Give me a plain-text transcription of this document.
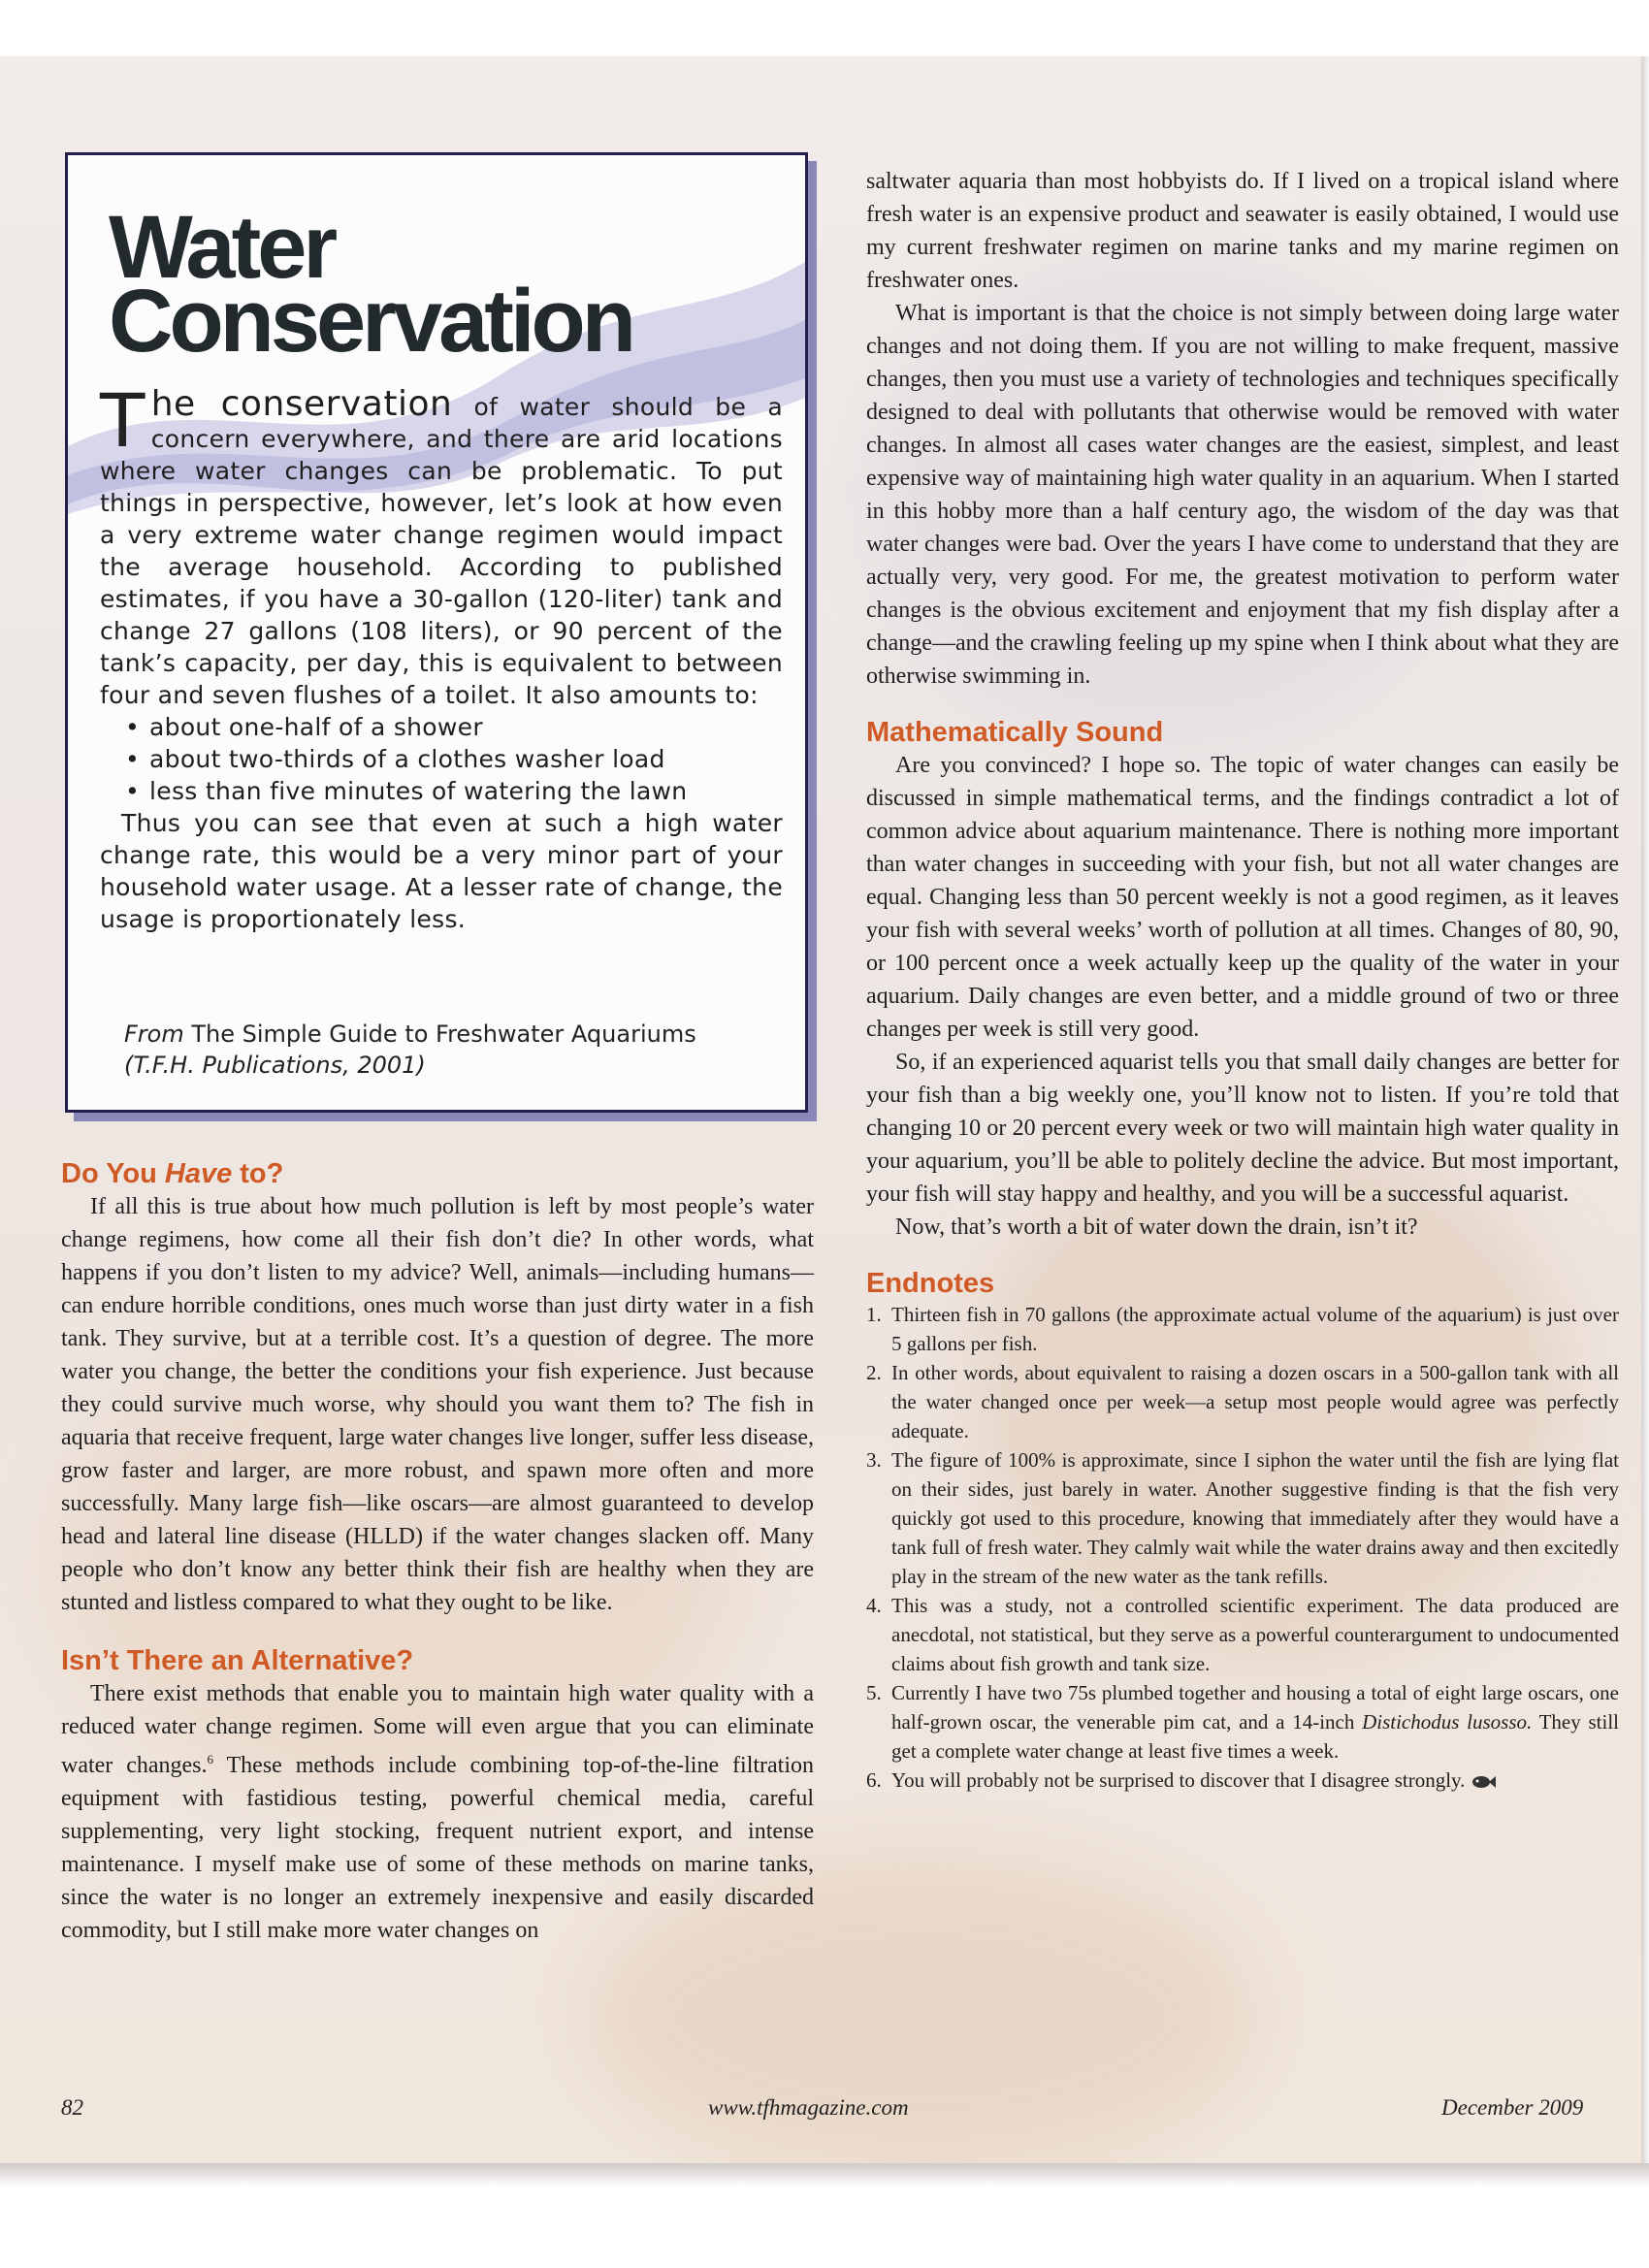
Water
Conservation
The conservation of water should be a concern everywhere, and there are arid locations where water changes can be problematic. To put things in perspective, however, let’s look at how even a very extreme water change regimen would impact the average household. According to published estimates, if you have a 30-gallon (120-liter) tank and change 27 gallons (108 liters), or 90 percent of the tank’s capacity, per day, this is equivalent to between four and seven flushes of a toilet. It also amounts to:
• about one-half of a shower
• about two-thirds of a clothes washer load
• less than five minutes of watering the lawn
Thus you can see that even at such a high water change rate, this would be a very minor part of your household water usage. At a lesser rate of change, the usage is proportionately less.
From The Simple Guide to Freshwater Aquariums
(T.F.H. Publications, 2001)
Do You Have to?

If all this is true about how much pollution is left by most people’s water change regimens, how come all their fish don’t die? In other words, what happens if you don’t listen to my advice? Well, animals—including humans—can endure horrible conditions, ones much worse than just dirty water in a fish tank. They survive, but at a terrible cost. It’s a question of degree. The more water you change, the better the conditions your fish experience. Just because they could survive much worse, why should you want them to? The fish in aquaria that receive frequent, large water changes live longer, suffer less disease, grow faster and larger, are more robust, and spawn more often and more successfully. Many large fish—like oscars—are almost guaranteed to develop head and lateral line disease (HLLD) if the water changes slacken off. Many people who don’t know any better think their fish are healthy when they are stunted and listless compared to what they ought to be like.

Isn’t There an Alternative?

There exist methods that enable you to maintain high water quality with a reduced water change regimen. Some will even argue that you can eliminate water changes.$^6$ These methods include combining top-of-the-line filtration equipment with fastidious testing, powerful chemical media, careful supplementing, very light stocking, frequent nutrient export, and intense maintenance. I myself make use of some of these methods on marine tanks, since the water is no longer an extremely inexpensive and easily discarded commodity, but I still make more water changes on

saltwater aquaria than most hobbyists do. If I lived on a tropical island where fresh water is an expensive product and seawater is easily obtained, I would use my current freshwater regimen on marine tanks and my marine regimen on freshwater ones.

What is important is that the choice is not simply between doing large water changes and not doing them. If you are not willing to make frequent, massive changes, then you must use a variety of technologies and techniques specifically designed to deal with pollutants that otherwise would be removed with water changes. In almost all cases water changes are the easiest, simplest, and least expensive way of maintaining high water quality in an aquarium. When I started in this hobby more than a half century ago, the wisdom of the day was that water changes were bad. Over the years I have come to understand that they are actually very, very good. For me, the greatest motivation to perform water changes is the obvious excitement and enjoyment that my fish display after a change—and the crawling feeling up my spine when I think about what they are otherwise swimming in.

Mathematically Sound

Are you convinced? I hope so. The topic of water changes can easily be discussed in simple mathematical terms, and the findings contradict a lot of common advice about aquarium maintenance. There is nothing more important than water changes in succeeding with your fish, but not all water changes are equal. Changing less than 50 percent weekly is not a good regimen, as it leaves your fish with several weeks’ worth of pollution at all times. Changes of 80, 90, or 100 percent once a week actually keep up the quality of the water in your aquarium. Daily changes are even better, and a middle ground of two or three changes per week is still very good.

So, if an experienced aquarist tells you that small daily changes are better for your fish than a big weekly one, you’ll know not to listen. If you’re told that changing 10 or 20 percent every week or two will maintain high water quality in your aquarium, you’ll be able to politely decline the advice. But most important, your fish will stay happy and healthy, and you will be a successful aquarist.

Now, that’s worth a bit of water down the drain, isn’t it?

Endnotes
1. Thirteen fish in 70 gallons (the approximate actual volume of the aquarium) is just over 5 gallons per fish.
2. In other words, about equivalent to raising a dozen oscars in a 500-gallon tank with all the water changed once per week—a setup most people would agree was perfectly adequate.
3. The figure of 100% is approximate, since I siphon the water until the fish are lying flat on their sides, just barely in water. Another suggestive finding is that the fish very quickly got used to this procedure, knowing that immediately after they would have a tank full of fresh water. They calmly wait while the water drains away and then excitedly play in the stream of the new water as the tank refills.
4. This was a study, not a controlled scientific experiment. The data produced are anecdotal, not statistical, but they serve as a powerful counterargument to undocumented claims about fish growth and tank size.
5. Currently I have two 75s plumbed together and housing a total of eight large oscars, one half-grown oscar, the venerable pim cat, and a 14-inch Distichodus lusosso. They still get a complete water change at least five times a week.
6. You will probably not be surprised to discover that I disagree strongly.
82	www.tfhmagazine.com	December 2009
